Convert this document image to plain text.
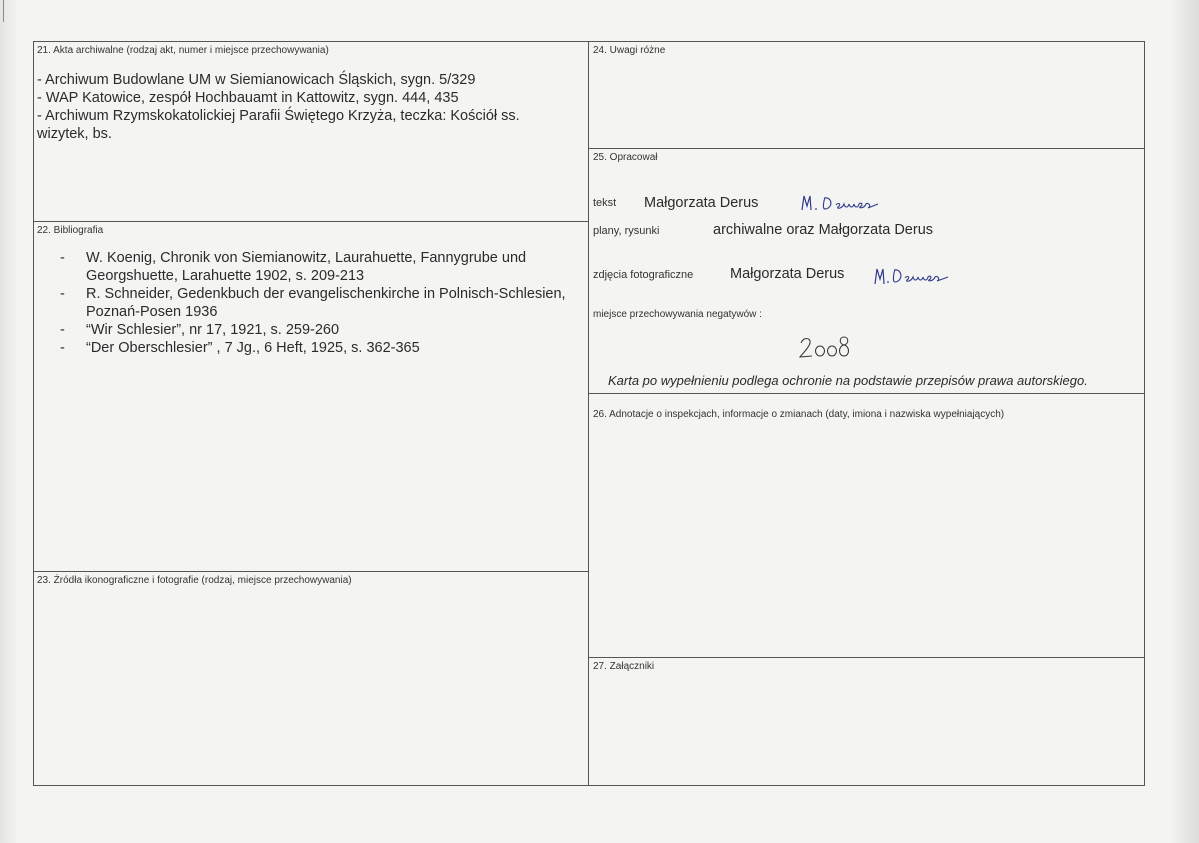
21. Akta archiwalne (rodzaj akt, numer i miejsce przechowywania)
- Archiwum Budowlane UM w Siemianowicach Śląskich, sygn. 5/329
- WAP Katowice, zespół Hochbauamt in Kattowitz, sygn. 444, 435
- Archiwum Rzymskokatolickiej Parafii Świętego Krzyża, teczka: Kościół ss.
wizytek, bs.
22. Bibliografia
- W. Koenig, Chronik von Siemianowitz, Laurahuette, Fannygrube und Georgshuette, Larahuette 1902, s. 209-213
- R. Schneider, Gedenkbuch der evangelischenkirche in Polnisch-Schlesien, Poznań-Posen 1936
- “Wir Schlesier”, nr 17, 1921, s. 259-260
- “Der Oberschlesier” , 7 Jg., 6 Heft, 1925, s. 362-365
23. Źródła ikonograficzne i fotografie (rodzaj, miejsce przechowywania)
24. Uwagi różne
25. Opracował
tekst Małgorzata Derus
plany, rysunki	archiwalne oraz Małgorzata Derus
zdjęcia fotograficzne	Małgorzata Derus
miejsce przechowywania negatywów :
Karta po wypełnieniu podlega ochronie na podstawie przepisów prawa autorskiego.
26. Adnotacje o inspekcjach, informacje o zmianach (daty, imiona i nazwiska wypełniających)
27. Załączniki
